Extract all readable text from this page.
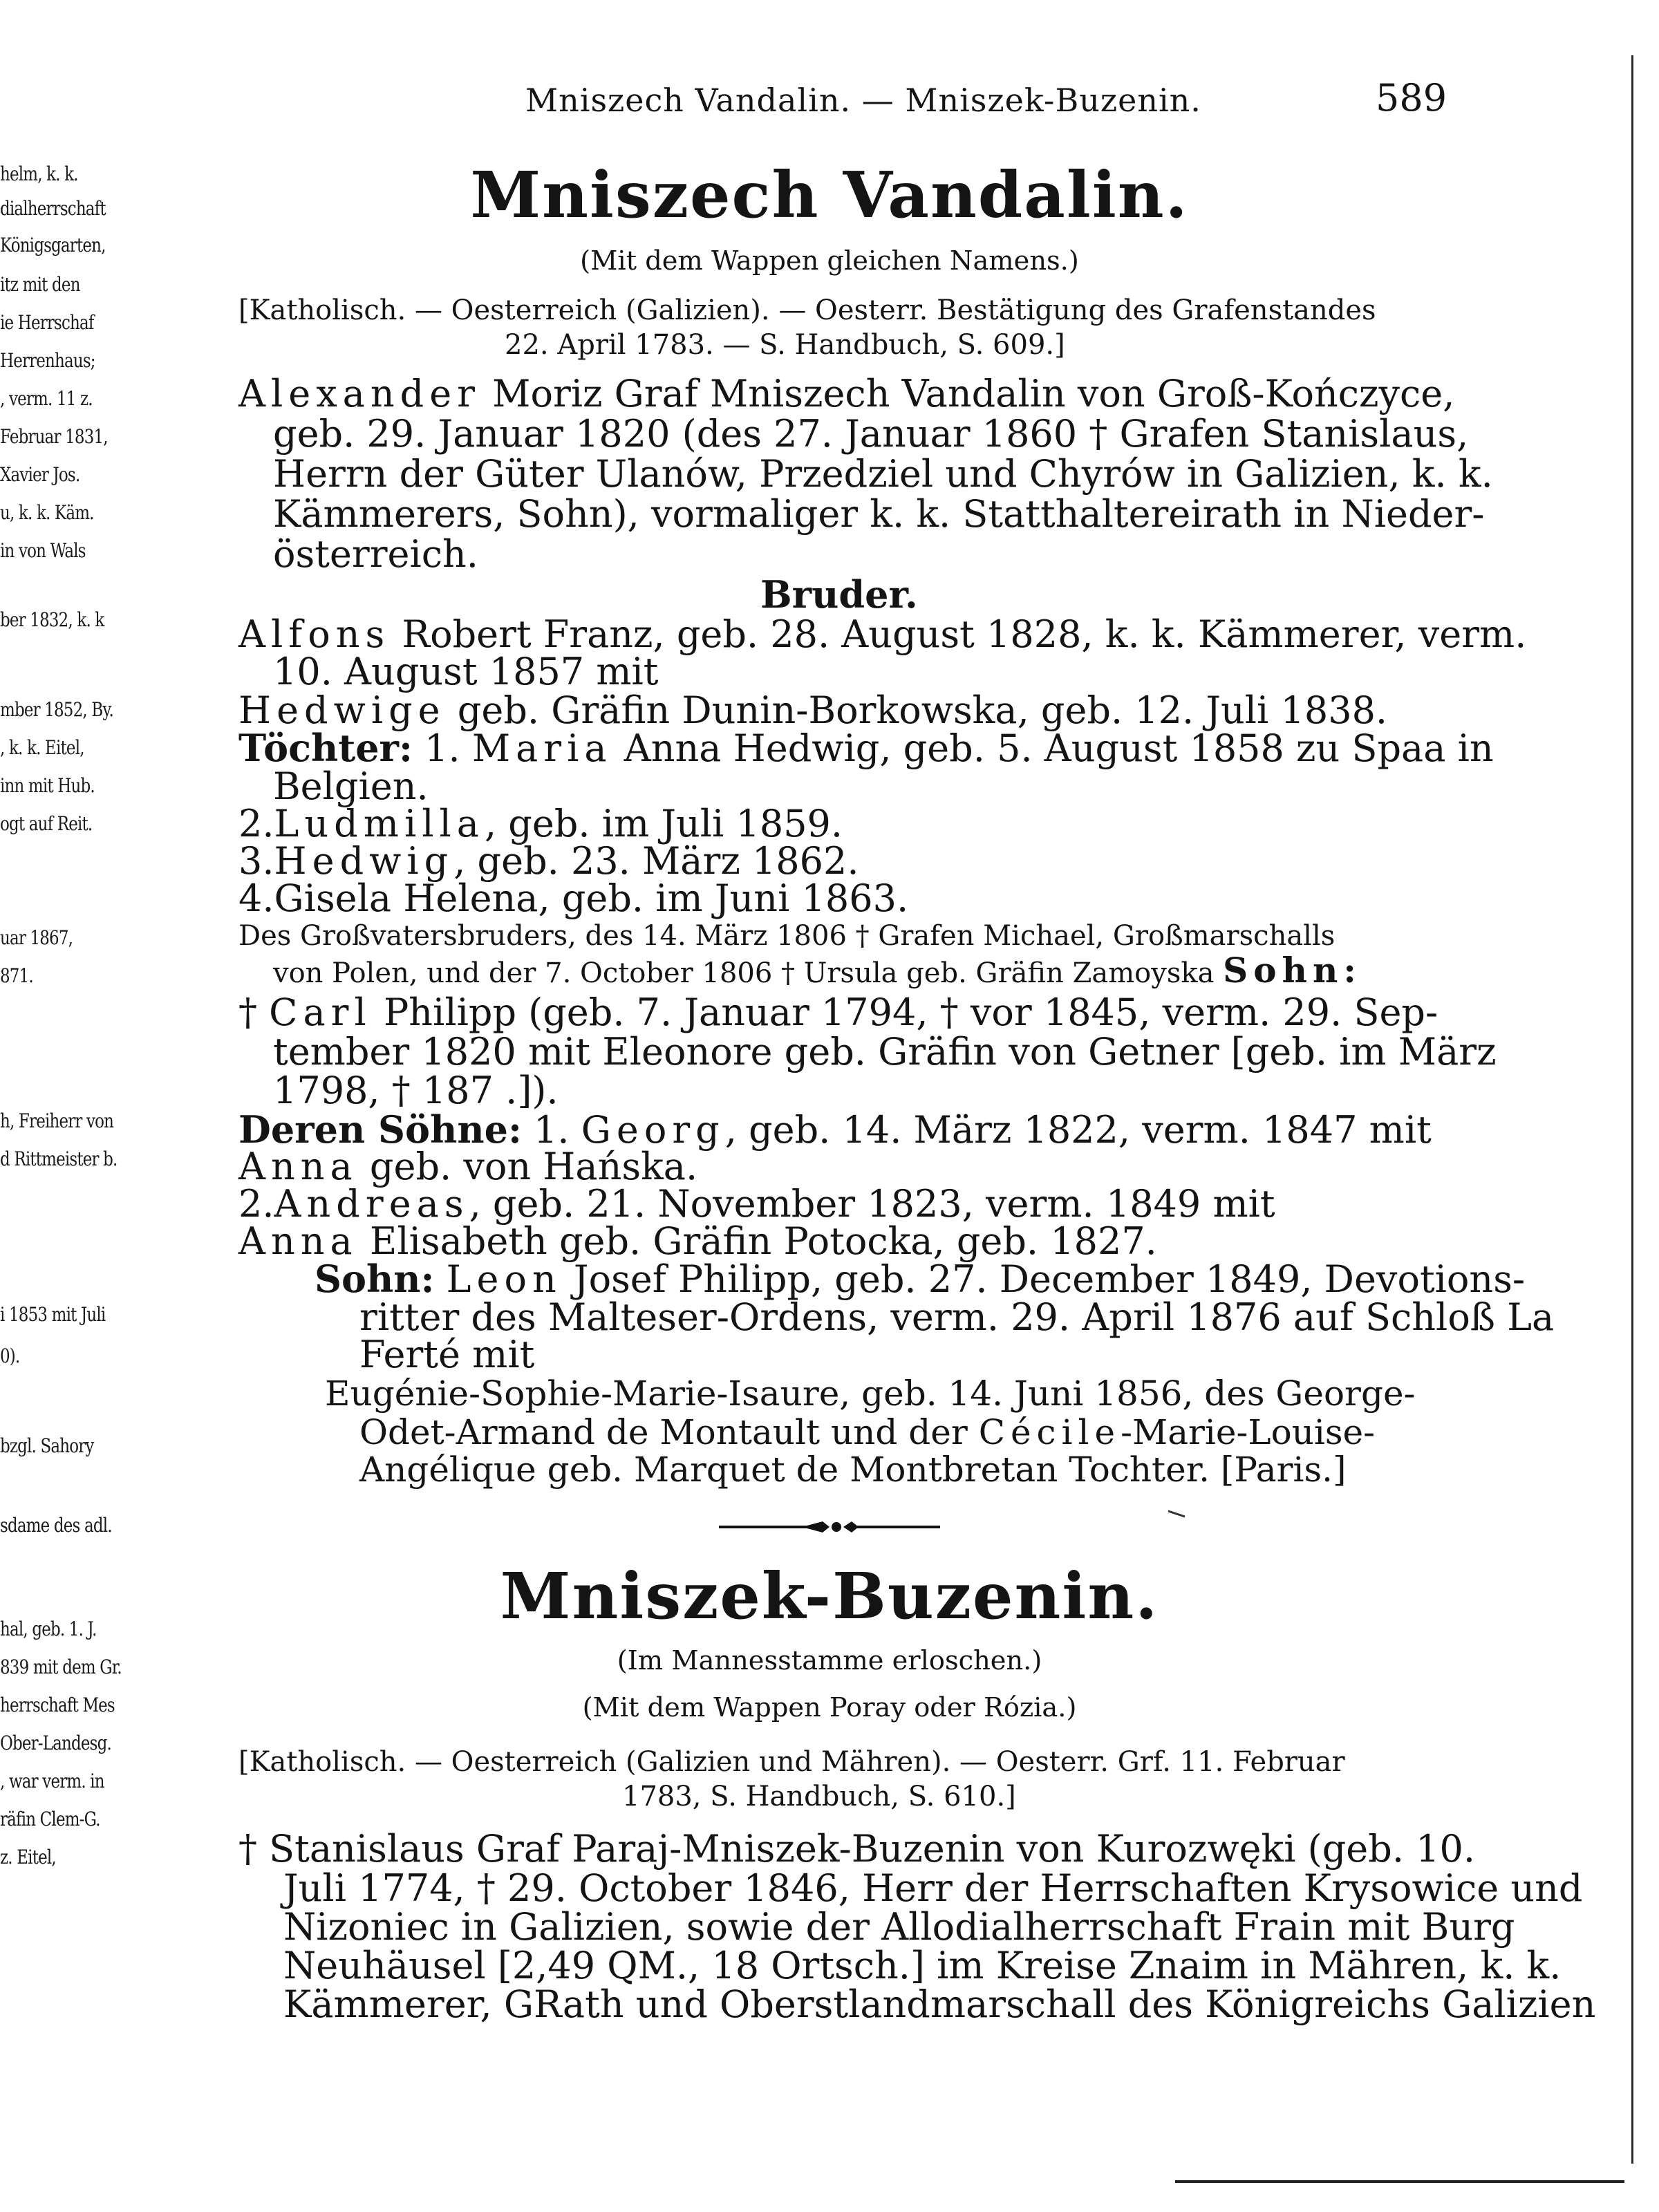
helm, k. k.
dialherrschaft
Königsgarten,
itz mit den
ie Herrschaf
Herrenhaus;
, verm. 11 z.
Februar 1831,
Xavier Jos.
u, k. k. Käm.
in von Wals
ber 1832, k. k
mber 1852, By.
, k. k. Eitel,
inn mit Hub.
ogt auf Reit.
uar 1867,
871.
h, Freiherr von
d Rittmeister b.
i 1853 mit Juli
0).
bzgl. Sahory
sdame des adl.
hal, geb. 1. J.
839 mit dem Gr.
herrschaft Mes
Ober-Landesg.
, war verm. in
räfin Clem-G.
z. Eitel,
Mniszech Vandalin. — Mniszek-Buzenin.	589
Mniszech Vandalin.
(Mit dem Wappen gleichen Namens.)
[Katholisch. — Oesterreich (Galizien). — Oesterr. Bestätigung des Grafenstandes
22. April 1783. — S. Handbuch, S. 609.]
Alexander Moriz Graf Mniszech Vandalin von Groß-Kończyce,
geb. 29. Januar 1820 (des 27. Januar 1860 † Grafen Stanislaus,
Herrn der Güter Ulanów, Przedziel und Chyrów in Galizien, k. k.
Kämmerers, Sohn), vormaliger k. k. Statthaltereirath in Nieder-
österreich.
Bruder.
Alfons Robert Franz, geb. 28. August 1828, k. k. Kämmerer, verm.
10. August 1857 mit
Hedwige geb. Gräfin Dunin-Borkowska, geb. 12. Juli 1838.
Töchter: 1. Maria Anna Hedwig, geb. 5. August 1858 zu Spaa in
Belgien.
2.Ludmilla, geb. im Juli 1859.
3.Hedwig, geb. 23. März 1862.
4.Gisela Helena, geb. im Juni 1863.
Des Großvatersbruders, des 14. März 1806 † Grafen Michael, Großmarschalls
von Polen, und der 7. October 1806 † Ursula geb. Gräfin Zamoyska Sohn:
† Carl Philipp (geb. 7. Januar 1794, † vor 1845, verm. 29. Sep-
tember 1820 mit Eleonore geb. Gräfin von Getner [geb. im März
1798, † 187 .]).
Deren Söhne: 1. Georg, geb. 14. März 1822, verm. 1847 mit
Anna geb. von Hańska.
2.Andreas, geb. 21. November 1823, verm. 1849 mit
Anna Elisabeth geb. Gräfin Potocka, geb. 1827.
Sohn: Leon Josef Philipp, geb. 27. December 1849, Devotions-
ritter des Malteser-Ordens, verm. 29. April 1876 auf Schloß La
Ferté mit
Eugénie-Sophie-Marie-Isaure, geb. 14. Juni 1856, des George-
Odet-Armand de Montault und der Cécile-Marie-Louise-
Angélique geb. Marquet de Montbretan Tochter. [Paris.]
Mniszek-Buzenin.
(Im Mannesstamme erloschen.)
(Mit dem Wappen Poray oder Rózia.)
[Katholisch. — Oesterreich (Galizien und Mähren). — Oesterr. Grf. 11. Februar
1783, S. Handbuch, S. 610.]
† Stanislaus Graf Paraj-Mniszek-Buzenin von Kurozwęki (geb. 10.
Juli 1774, † 29. October 1846, Herr der Herrschaften Krysowice und
Nizoniec in Galizien, sowie der Allodialherrschaft Frain mit Burg
Neuhäusel [2,49 QM., 18 Ortsch.] im Kreise Znaim in Mähren, k. k.
Kämmerer, GRath und Oberstlandmarschall des Königreichs Galizien
